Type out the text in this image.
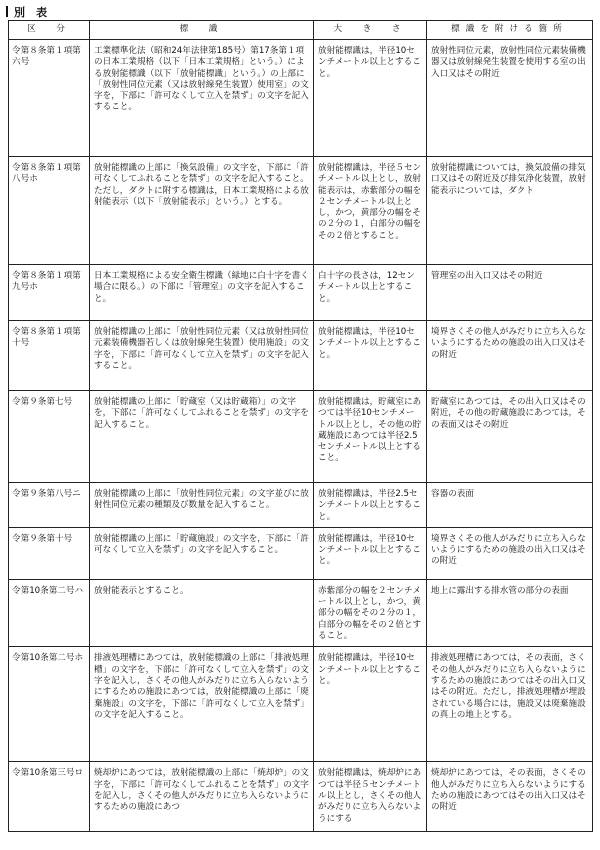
別　表
区　分	標　識	大　き　さ	標識を附ける箇所
令第８条第１項第六号	工業標準化法（昭和24年法律第185号）第17条第１項の日本工業規格（以下「日本工業規格」という。）による放射能標識（以下「放射能標識」という。）の上部に「放射性同位元素（又は放射線発生装置）使用室」の文字を，下部に「許可なくして立入を禁ず」の文字を記入すること。	放射能標識は，半径10センチメートル以上とすること。	放射性同位元素，放射性同位元素装備機器又は放射線発生装置を使用する室の出入口又はその附近
令第８条第１項第八号ホ	放射能標識の上部に「換気設備」の文字を，下部に「許可なくしてふれることを禁ず」の文字を記入すること。ただし，ダクトに附する標識は，日本工業規格による放射能表示（以下「放射能表示」という。）とする。	放射能標識は，半径５センチメートル以上とし，放射能表示は，赤紫部分の幅を２センチメートル以上とし，かつ，黄部分の幅をその２分の１，白部分の幅をその２倍とすること。	放射能標識については，換気設備の排気口又はその附近及び排気浄化装置，放射能表示については，ダクト
令第８条第１項第九号ホ	日本工業規格による安全衛生標識（緑地に白十字を書く場合に限る。）の下部に「管理室」の文字を記入すること。	白十字の長さは，12センチメートル以上とすること。	管理室の出入口又はその附近
令第８条第１項第十号	放射能標識の上部に「放射性同位元素（又は放射性同位元素装備機器若しくは放射線発生装置）使用施設」の文字を，下部に「許可なくして立入を禁ず」の文字を記入すること。	放射能標識は，半径10センチメートル以上とすること。	境界さくその他人がみだりに立ち入らないようにするための施設の出入口又はその附近
令第９条第七号	放射能標識の上部に「貯蔵室（又は貯蔵箱）」の文字を，下部に「許可なくしてふれることを禁ず」の文字を記入すること。	放射能標識は，貯蔵室にあつては半径10センチメートル以上とし，その他の貯蔵施設にあつては半径2.5センチメートル以上とすること。	貯蔵室にあつては，その出入口又はその附近，その他の貯蔵施設にあつては，その表面又はその附近
令第９条第八号ニ	放射能標識の上部に「放射性同位元素」の文字並びに放射性同位元素の種類及び数量を記入すること。	放射能標識は，半径2.5センチメートル以上とすること。	容器の表面
令第９条第十号	放射能標識の上部に「貯蔵施設」の文字を，下部に「許可なくして立入を禁ず」の文字を記入すること。	放射能標識は，半径10センチメートル以上とすること。	境界さくその他人がみだりに立ち入らないようにするための施設の出入口又はその附近
令第10条第二号ハ	放射能表示とすること。	赤紫部分の幅を２センチメートル以上とし，かつ，黄部分の幅をその２分の１，白部分の幅をその２倍とすること。	地上に露出する排水管の部分の表面
令第10条第二号ホ	排液処理槽にあつては，放射能標識の上部に「排液処理槽」の文字を，下部に「許可なくして立入を禁ず」の文字を記入し，さくその他人がみだりに立ち入らないようにするための施設にあつては，放射能標識の上部に「廃棄施設」の文字を，下部に「許可なくして立入を禁ず」の文字を記入すること。	放射能標識は，半径10センチメートル以上とすること。	排液処理槽にあつては，その表面，さくその他人がみだりに立ち入らないようにするための施設にあつてはその出入口又はその附近。ただし，排液処理槽が埋設されている場合には，施設又は廃棄施設の真上の地上とする。
令第10条第三号ロ	焼却炉にあつては，放射能標識の上部に「焼却炉」の文字を，下部に「許可なくしてふれることを禁ず」の文字を記入し，さくその他人がみだりに立ち入らないようにするための施設にあつ	放射能標識は，焼却炉にあつては半径５センチメートル以上とし，さくその他人がみだりに立ち入らないようにする	焼却炉にあつては，その表面，さくその他人がみだりに立ち入らないようにするための施設にあつてはその出入口又はその附近
